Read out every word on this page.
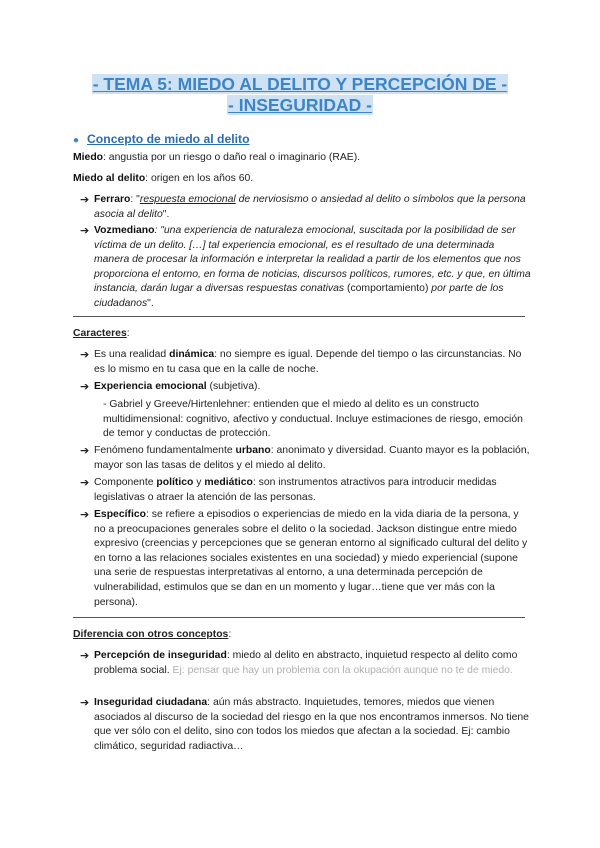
- TEMA 5: MIEDO AL DELITO Y PERCEPCIÓN DE -
- INSEGURIDAD -
● Concepto de miedo al delito
Miedo: angustia por un riesgo o daño real o imaginario (RAE).
Miedo al delito: origen en los años 60.
➔ Ferraro: "respuesta emocional de nerviosismo o ansiedad al delito o símbolos que la persona asocia al delito".
➔ Vozmediano: "una experiencia de naturaleza emocional, suscitada por la posibilidad de ser víctima de un delito. […] tal experiencia emocional, es el resultado de una determinada manera de procesar la información e interpretar la realidad a partir de los elementos que nos proporciona el entorno, en forma de noticias, discursos políticos, rumores, etc. y que, en última instancia, darán lugar a diversas respuestas conativas (comportamiento) por parte de los ciudadanos".
Caracteres:
➔ Es una realidad dinámica: no siempre es igual. Depende del tiempo o las circunstancias. No es lo mismo en tu casa que en la calle de noche.
➔ Experiencia emocional (subjetiva).
- Gabriel y Greeve/Hirtenlehner: entienden que el miedo al delito es un constructo multidimensional: cognitivo, afectivo y conductual. Incluye estimaciones de riesgo, emoción de temor y conductas de protección.
➔ Fenómeno fundamentalmente urbano: anonimato y diversidad. Cuanto mayor es la población, mayor son las tasas de delitos y el miedo al delito.
➔ Componente político y mediático: son instrumentos atractivos para introducir medidas legislativas o atraer la atención de las personas.
➔ Específico: se refiere a episodios o experiencias de miedo en la vida diaria de la persona, y no a preocupaciones generales sobre el delito o la sociedad. Jackson distingue entre miedo expresivo (creencias y percepciones que se generan entorno al significado cultural del delito y en torno a las relaciones sociales existentes en una sociedad) y miedo experiencial (supone una serie de respuestas interpretativas al entorno, a una determinada percepción de vulnerabilidad, estimulos que se dan en un momento y lugar…tiene que ver más con la persona).
Diferencia con otros conceptos:
➔ Percepción de inseguridad: miedo al delito en abstracto, inquietud respecto al delito como problema social. Ej: pensar que hay un problema con la okupación aunque no te de miedo.
➔ Inseguridad ciudadana: aún más abstracto. Inquietudes, temores, miedos que vienen asociados al discurso de la sociedad del riesgo en la que nos encontramos inmersos. No tiene que ver sólo con el delito, sino con todos los miedos que afectan a la sociedad. Ej: cambio climático, seguridad radiactiva…
